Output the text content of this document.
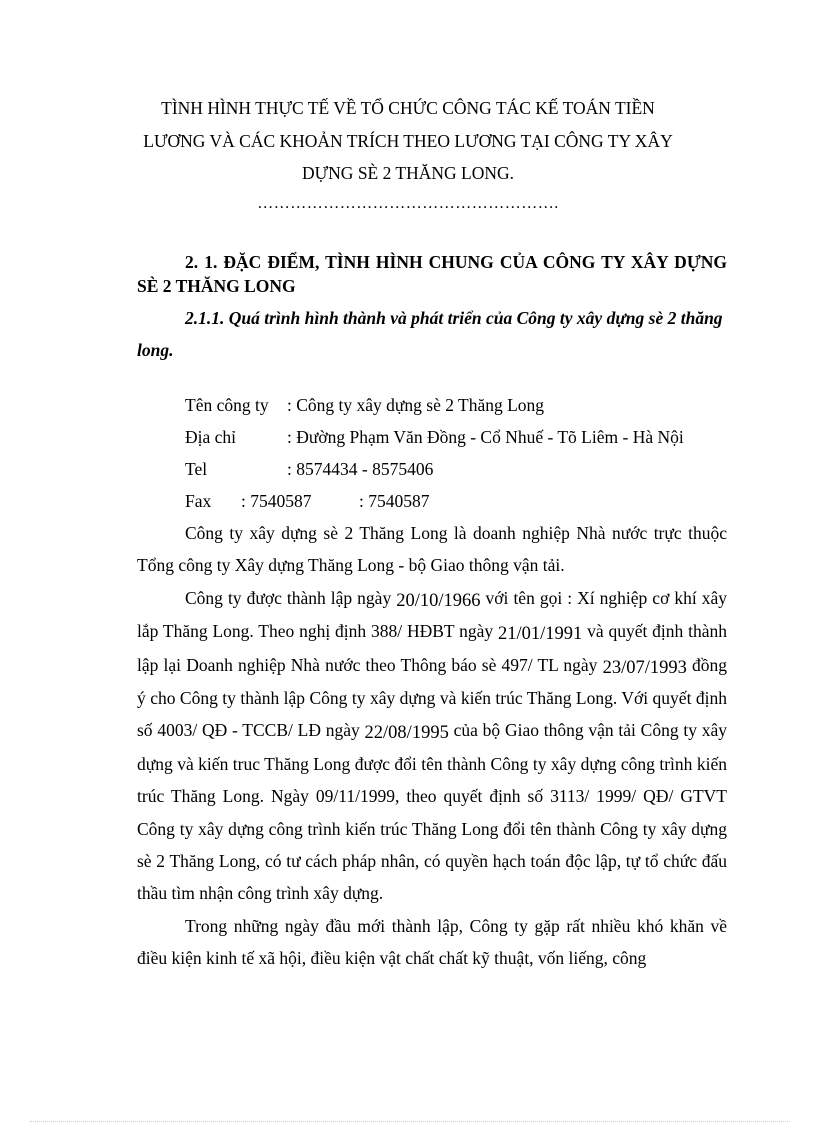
TÌNH HÌNH THỰC TẾ VỀ TỔ CHỨC CÔNG TÁC KẾ TOÁN TIỀN
LƯƠNG VÀ CÁC KHOẢN TRÍCH THEO LƯƠNG TẠI CÔNG TY XÂY
DỰNG SÈ 2 THĂNG LONG.
……………………………………………….
2. 1. ĐẶC ĐIỂM, TÌNH HÌNH CHUNG CỦA CÔNG TY XÂY DỰNG SÈ 2 THĂNG LONG
2.1.1. Quá trình hình thành và phát triển của Công ty xây dựng sè 2 thăng long.
Tên công ty : Công ty xây dựng sè 2 Thăng Long
Địa chỉ	: Đường Phạm Văn Đồng - Cổ Nhuế - Tõ Liêm - Hà Nội
Tel	: 8574434 - 8575406
Fax : 7540587	: 7540587

Công ty xây dựng sè 2 Thăng Long là doanh nghiệp Nhà nước trực thuộc Tổng công ty Xây dựng Thăng Long - bộ Giao thông vận tải.

Công ty được thành lập ngày 20/10/1966 với tên gọi : Xí nghiệp cơ khí xây lắp Thăng Long. Theo nghị định 388/ HĐBT ngày 21/01/1991 và quyết định thành lập lại Doanh nghiệp Nhà nước theo Thông báo sè 497/ TL ngày 23/07/1993 đồng ý cho Công ty thành lập Công ty xây dựng và kiến trúc Thăng Long. Với quyết định số 4003/ QĐ - TCCB/ LĐ ngày 22/08/1995 của bộ Giao thông vận tải Công ty xây dựng và kiến truc Thăng Long được đổi tên thành Công ty xây dựng công trình kiến trúc Thăng Long. Ngày 09/11/1999, theo quyết định số 3113/ 1999/ QĐ/ GTVT Công ty xây dựng công trình kiến trúc Thăng Long đổi tên thành Công ty xây dựng sè 2 Thăng Long, có tư cách pháp nhân, có quyền hạch toán độc lập, tự tổ chức đấu thầu tìm nhận công trình xây dựng.

Trong những ngày đầu mới thành lập, Công ty gặp rất nhiều khó khăn về điều kiện kinh tế xã hội, điều kiện vật chất chất kỹ thuật, vốn liếng, công
